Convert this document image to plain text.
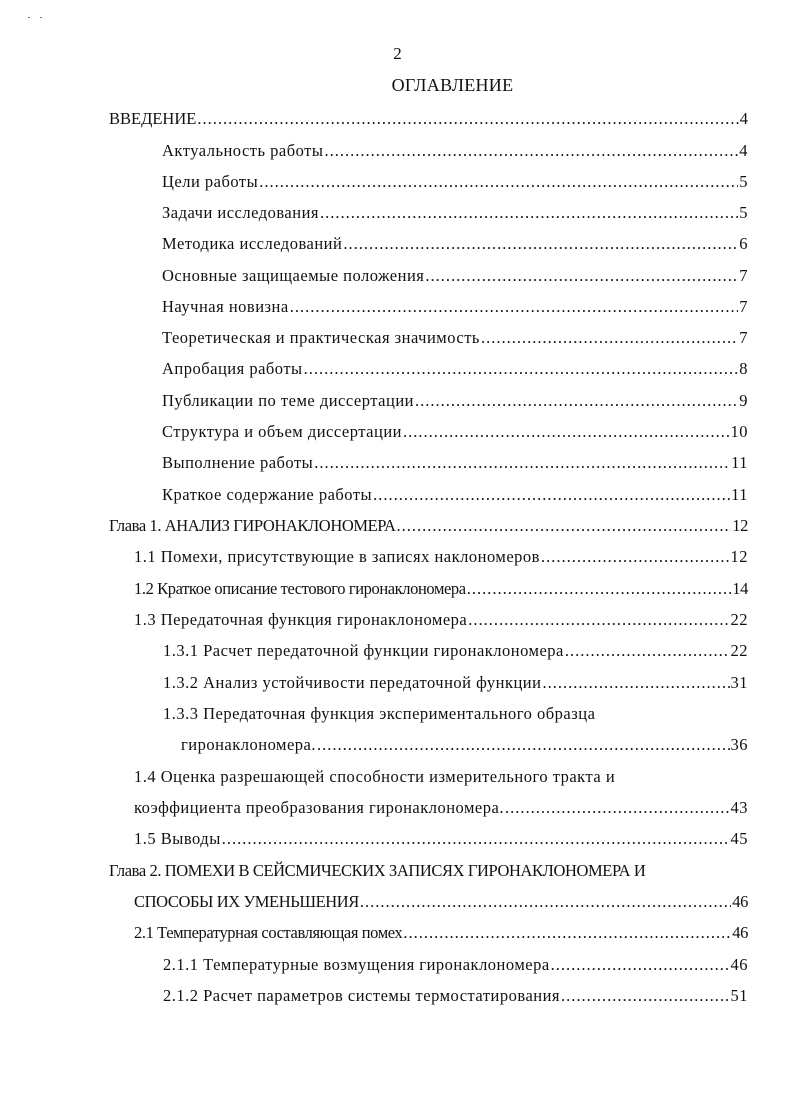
2
ОГЛАВЛЕНИЕ
ВВЕДЕНИЕ .....	4
Актуальность работы .....	4
Цели работы .....	5
Задачи исследования .....	5
Методика исследований .....	6
Основные защищаемые положения .....	7
Научная новизна .....	7
Теоретическая и практическая значимость .....	7
Апробация работы .....	8
Публикации по теме диссертации .....	9
Структура и объем диссертации .....	10
Выполнение работы .....	11
Краткое содержание работы .....	11
Глава 1. АНАЛИЗ ГИРОНАКЛОНОМЕРА .....	12
1.1 Помехи, присутствующие в записях наклономеров .....	12
1.2 Краткое описание тестового гиронаклономера .....	14
1.3 Передаточная функция гиронаклономера .....	22
1.3.1 Расчет передаточной функции гиронаклономера .....	22
1.3.2 Анализ устойчивости передаточной функции .....	31
1.3.3 Передаточная функция экспериментального образца
гиронаклономера. .....	36
1.4 Оценка разрешающей способности измерительного тракта и
коэффициента преобразования гиронаклономера. .....	43
1.5 Выводы .....	45
Глава 2. ПОМЕХИ В СЕЙСМИЧЕСКИХ ЗАПИСЯХ ГИРОНАКЛОНОМЕРА И
СПОСОБЫ ИХ УМЕНЬШЕНИЯ .....	46
2.1 Температурная составляющая помех .....	46
2.1.1 Температурные возмущения гиронаклономера .....	46
2.1.2 Расчет параметров системы термостатирования .....	51
